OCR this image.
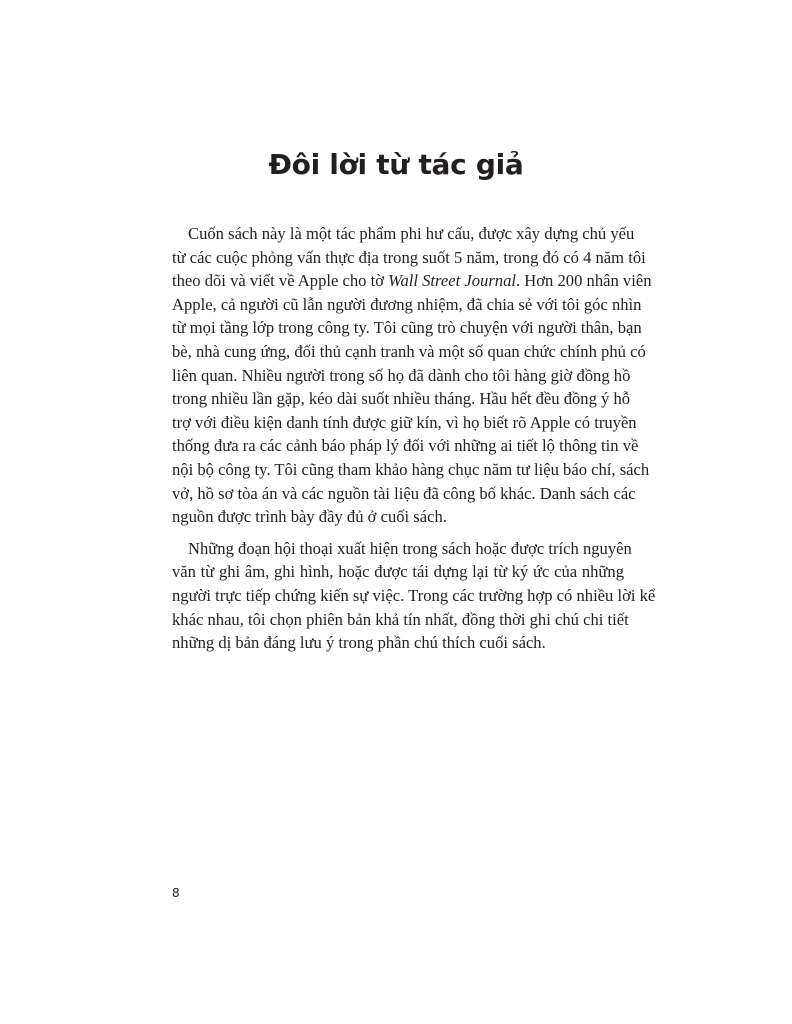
Đôi lời từ tác giả
Cuốn sách này là một tác phẩm phi hư cấu, được xây dựng chủ yếu
từ các cuộc phỏng vấn thực địa trong suốt 5 năm, trong đó có 4 năm tôi
theo dõi và viết về Apple cho tờ Wall Street Journal. Hơn 200 nhân viên
Apple, cả người cũ lẫn người đương nhiệm, đã chia sẻ với tôi góc nhìn
từ mọi tầng lớp trong công ty. Tôi cũng trò chuyện với người thân, bạn
bè, nhà cung ứng, đối thủ cạnh tranh và một số quan chức chính phủ có
liên quan. Nhiều người trong số họ đã dành cho tôi hàng giờ đồng hồ
trong nhiều lần gặp, kéo dài suốt nhiều tháng. Hầu hết đều đồng ý hỗ
trợ với điều kiện danh tính được giữ kín, vì họ biết rõ Apple có truyền
thống đưa ra các cảnh báo pháp lý đối với những ai tiết lộ thông tin về
nội bộ công ty. Tôi cũng tham khảo hàng chục năm tư liệu báo chí, sách
vở, hồ sơ tòa án và các nguồn tài liệu đã công bố khác. Danh sách các
nguồn được trình bày đầy đủ ở cuối sách.
Những đoạn hội thoại xuất hiện trong sách hoặc được trích nguyên
văn từ ghi âm, ghi hình, hoặc được tái dựng lại từ ký ức của những
người trực tiếp chứng kiến sự việc. Trong các trường hợp có nhiều lời kể
khác nhau, tôi chọn phiên bản khả tín nhất, đồng thời ghi chú chi tiết
những dị bản đáng lưu ý trong phần chú thích cuối sách.
8
